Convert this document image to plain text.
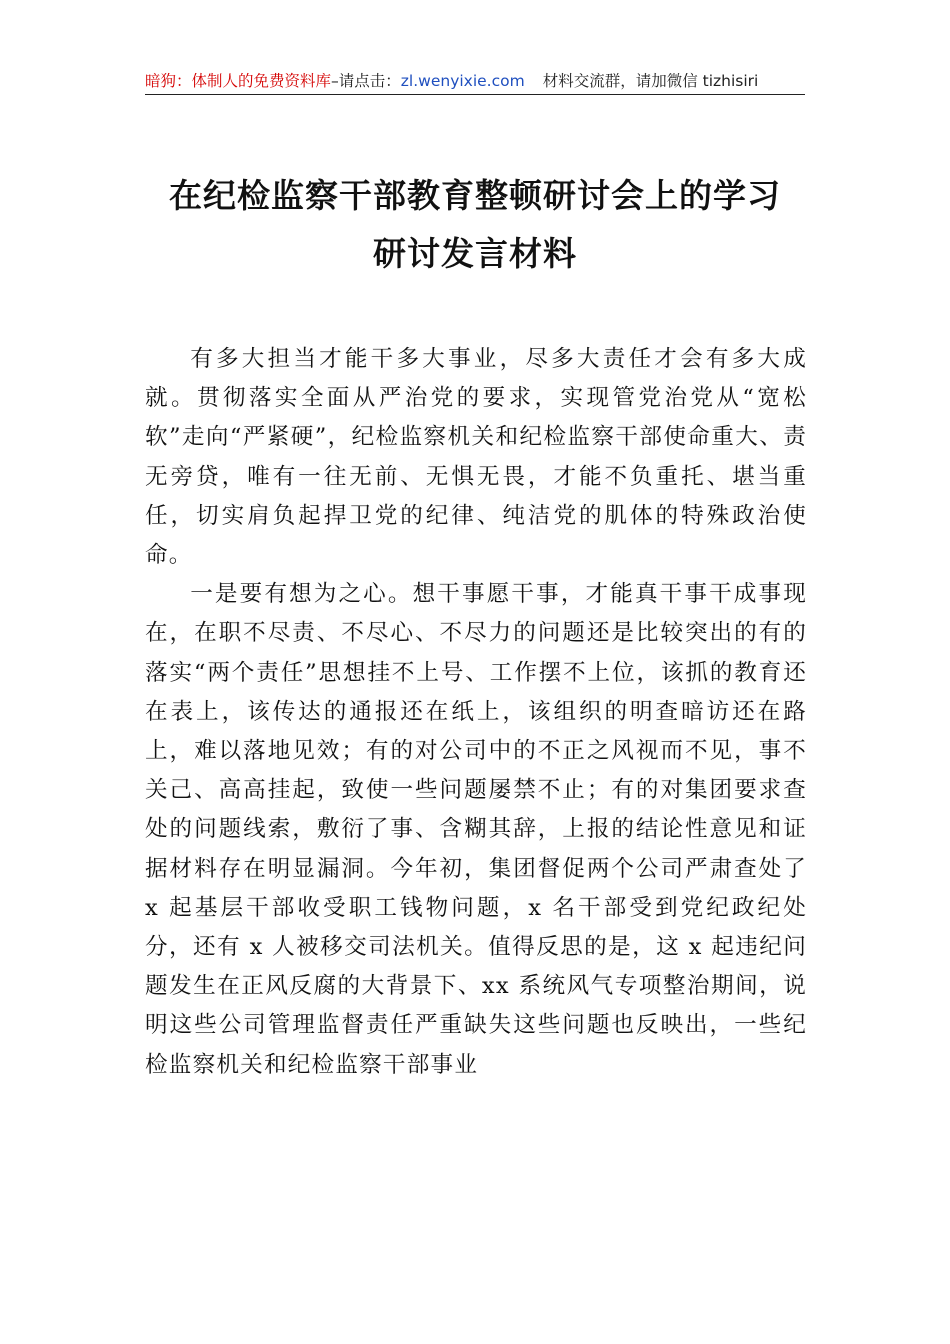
暗狗：体制人的免费资料库–请点击：zl.wenyixie.com 材料交流群，请加微信 tizhisiri
在纪检监察干部教育整顿研讨会上的学习
研讨发言材料

有多大担当才能干多大事业，尽多大责任才会有多大成就。贯彻落实全面从严治党的要求，实现管党治党从“宽松软”走向“严紧硬”，纪检监察机关和纪检监察干部使命重大、责无旁贷，唯有一往无前、无惧无畏，才能不负重托、堪当重任，切实肩负起捍卫党的纪律、纯洁党的肌体的特殊政治使命。

一是要有想为之心。想干事愿干事，才能真干事干成事现在，在职不尽责、不尽心、不尽力的问题还是比较突出的有的落实“两个责任”思想挂不上号、工作摆不上位，该抓的教育还在表上，该传达的通报还在纸上，该组织的明查暗访还在路上，难以落地见效；有的对公司中的不正之风视而不见，事不关己、高高挂起，致使一些问题屡禁不止；有的对集团要求查处的问题线索，敷衍了事、含糊其辞，上报的结论性意见和证据材料存在明显漏洞。今年初，集团督促两个公司严肃查处了 x 起基层干部收受职工钱物问题，x 名干部受到党纪政纪处分，还有 x 人被移交司法机关。值得反思的是，这 x 起违纪问题发生在正风反腐的大背景下、xx 系统风气专项整治期间，说明这些公司管理监督责任严重缺失这些问题也反映出，一些纪检监察机关和纪检监察干部事业
